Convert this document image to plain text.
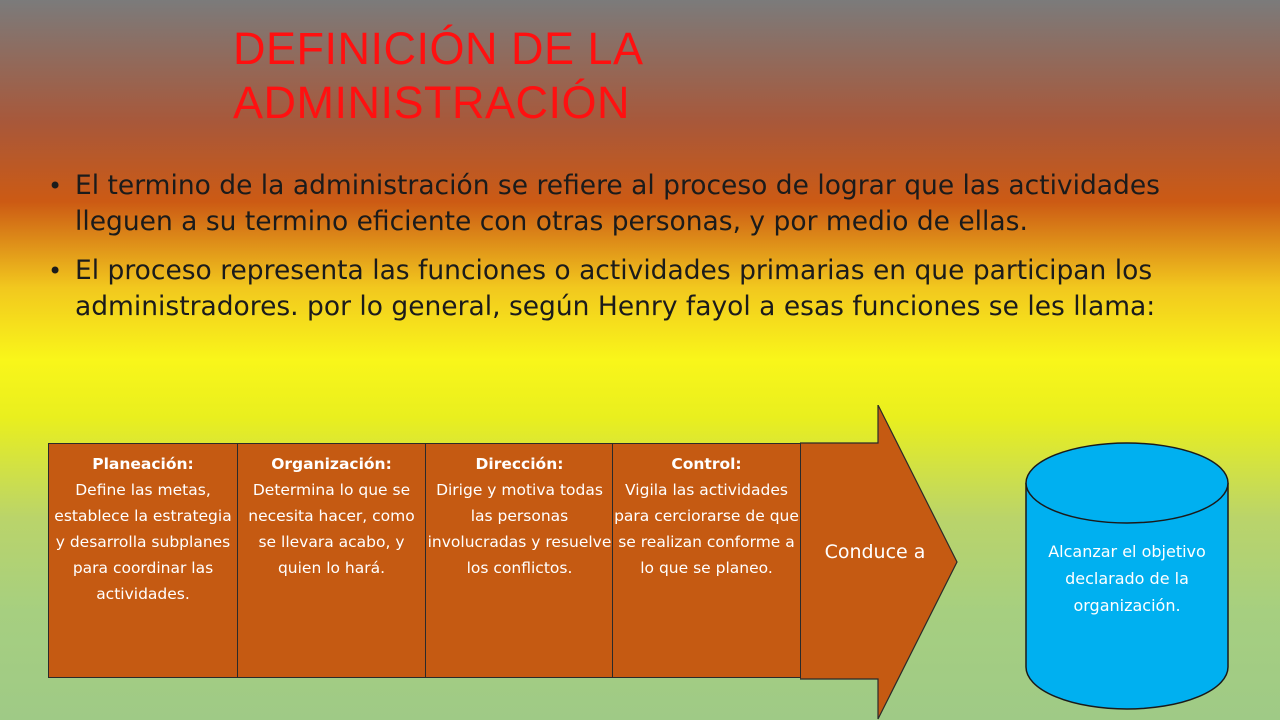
DEFINICIÓN DE LA
ADMINISTRACIÓN
• El termino de la administración se refiere al proceso de lograr que las actividades lleguen a su termino eficiente con otras personas, y por medio de ellas.
• El proceso representa las funciones o actividades primarias en que participan los administradores. por lo general, según Henry fayol a esas funciones se les llama:
Conduce a
Planeación:
Define las metas, establece la estrategia y desarrolla subplanes para coordinar las actividades.
Organización:
Determina lo que se necesita hacer, como se llevara acabo, y quien lo hará.
Dirección:
Dirige y motiva todas las personas involucradas y resuelve los conflictos.
Control:
Vigila las actividades para cerciorarse de que se realizan conforme a lo que se planeo.
Alcanzar el objetivo declarado de la organización.
